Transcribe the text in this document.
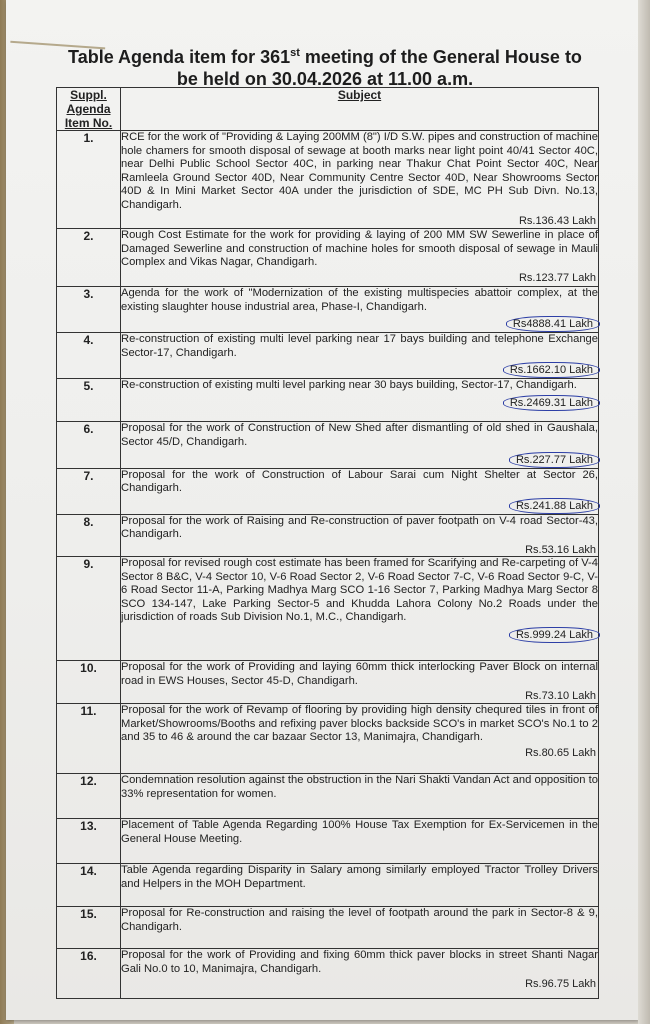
Table Agenda item for 361st meeting of the General House to
be held on 30.04.2026 at 11.00 a.m.
Suppl. Agenda Item No.	Subject
1.	RCE for the work of "Providing & Laying 200MM (8") I/D S.W. pipes and construction of machine hole chamers for smooth disposal of sewage at booth marks near light point 40/41 Sector 40C, near Delhi Public School Sector 40C, in parking near Thakur Chat Point Sector 40C, Near Ramleela Ground Sector 40D, Near Community Centre Sector 40D, Near Showrooms Sector 40D & In Mini Market Sector 40A under the jurisdiction of SDE, MC PH Sub Divn. No.13, Chandigarh.
Rs.136.43 Lakh

2.	Rough Cost Estimate for the work for providing & laying of 200 MM SW Sewerline in place of Damaged Sewerline and construction of machine holes for smooth disposal of sewage in Mauli Complex and Vikas Nagar, Chandigarh.
Rs.123.77 Lakh

3.	Agenda for the work of "Modernization of the existing multispecies abattoir complex, at the existing slaughter house industrial area, Phase-I, Chandigarh.
Rs4888.41 Lakh

4.	Re-construction of existing multi level parking near 17 bays building and telephone Exchange Sector-17, Chandigarh.
Rs.1662.10 Lakh

5.	Re-construction of existing multi level parking near 30 bays building, Sector-17, Chandigarh.
Rs.2469.31 Lakh

6.	Proposal for the work of Construction of New Shed after dismantling of old shed in Gaushala, Sector 45/D, Chandigarh.
Rs.227.77 Lakh

7.	Proposal for the work of Construction of Labour Sarai cum Night Shelter at Sector 26, Chandigarh.
Rs.241.88 Lakh

8.	Proposal for the work of Raising and Re-construction of paver footpath on V-4 road Sector-43, Chandigarh.
Rs.53.16 Lakh

9.	Proposal for revised rough cost estimate has been framed for Scarifying and Re-carpeting of V-4 Sector 8 B&C, V-4 Sector 10, V-6 Road Sector 2, V-6 Road Sector 7-C, V-6 Road Sector 9-C, V-6 Road Sector 11-A, Parking Madhya Marg SCO 1-16 Sector 7, Parking Madhya Marg Sector 8 SCO 134-147, Lake Parking Sector-5 and Khudda Lahora Colony No.2 Roads under the jurisdiction of roads Sub Division No.1, M.C., Chandigarh.
Rs.999.24 Lakh

10.	Proposal for the work of Providing and laying 60mm thick interlocking Paver Block on internal road in EWS Houses, Sector 45-D, Chandigarh.
Rs.73.10 Lakh

11.	Proposal for the work of Revamp of flooring by providing high density chequred tiles in front of Market/Showrooms/Booths and refixing paver blocks backside SCO's in market SCO's No.1 to 2 and 35 to 46 & around the car bazaar Sector 13, Manimajra, Chandigarh.
Rs.80.65 Lakh

12.	Condemnation resolution against the obstruction in the Nari Shakti Vandan Act and opposition to 33% representation for women.
13.	Placement of Table Agenda Regarding 100% House Tax Exemption for Ex-Servicemen in the General House Meeting.
14.	Table Agenda regarding Disparity in Salary among similarly employed Tractor Trolley Drivers and Helpers in the MOH Department.
15.	Proposal for Re-construction and raising the level of footpath around the park in Sector-8 & 9, Chandigarh.
16.	Proposal for the work of Providing and fixing 60mm thick paver blocks in street Shanti Nagar Gali No.0 to 10, Manimajra, Chandigarh.
Rs.96.75 Lakh
